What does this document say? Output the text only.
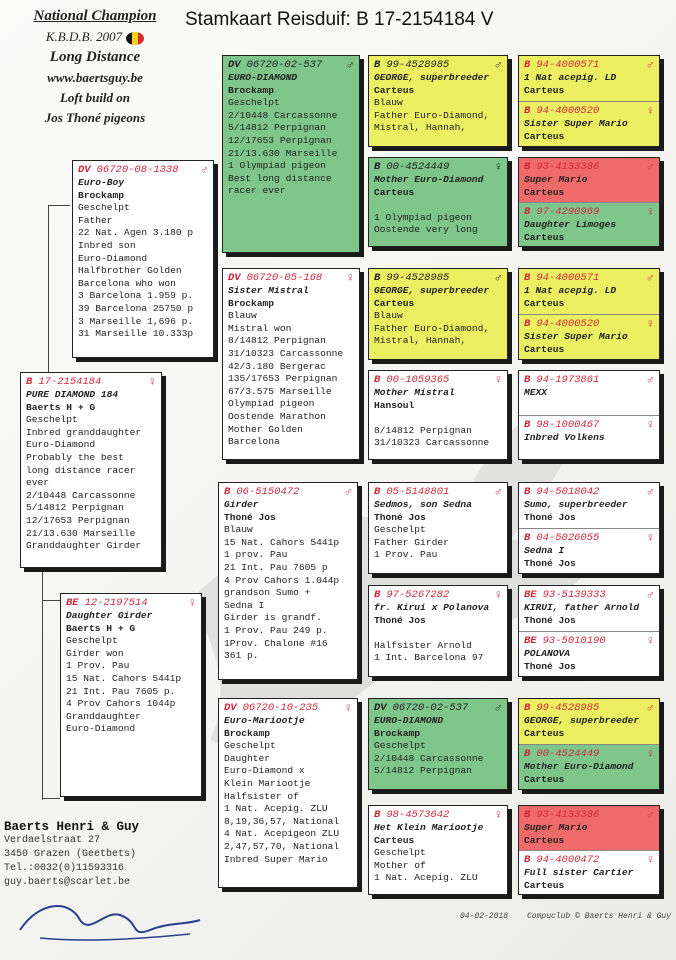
National Champion
K.B.D.B. 2007
Long Distance
www.baertsguy.be
Loft build on
Jos Thoné pigeons
Stamkaart Reisduif: B 17-2154184 V
B 17-2154184	♀
PURE DIAMOND 184
Baerts H + G
Geschelpt
Inbred granddaughter
Euro-Diamond
Probably the best
long distance racer
ever
2/10448 Carcassonne
5/14812 Perpignan
12/17653 Perpignan
21/13.630 Marseille
Granddaughter Girder
DV 06720-08-1338 ♂
Euro-Boy
Brockamp
Geschelpt
Father
22 Nat. Agen 3.180 p
Inbred son
Euro-Diamond
Halfbrother Golden
Barcelona who won
3 Barcelona 1.959 p.
39 Barcelona 25750 p
3 Marseille 1,696 p.
31 Marseille 10.333p
BE 12-2197514	♀
Daughter Girder
Baerts H + G
Geschelpt
Girder won
1 Prov. Pau
15 Nat. Cahors 5441p
21 Int. Pau 7605 p.
4 Prov Cahors 1044p
Granddaughter
Euro-Diamond
DV 06720-02-537 ♂
EURO-DIAMOND
Brockamp
Geschelpt
2/10448 Carcassonne
5/14812 Perpignan
12/17653 Perpignan
21/13.630 Marseille
1 Olympiad pigeon
Best long distance
racer ever
DV 06720-05-168 ♀
Sister Mistral
Brockamp
Blauw
Mistral won
8/14812 Perpignan
31/10323 Carcassonne
42/3.180 Bergerac
135/17653 Perpignan
67/3.575 Marseille
Olympiad pigeon
Oostende Marathon
Mother Golden
Barcelona
B 06-5150472	♂
Girder
Thoné Jos
Blauw
15 Nat. Cahors 5441p
1 prov. Pau
21 Int. Pau 7605 p
4 Prov Cahors 1.044p
grandson Sumo +
Sedna I
Girder is grandf.
1 Prov. Pau 249 p.
1Prov. Chalone #16
361 p.
DV 06720-10-235 ♀
Euro-Mariootje
Brockamp
Geschelpt
Daughter
Euro-Diamond x
Klein Mariootje
Halfsister of
1 Nat. Acepig. ZLU
8,19,36,57, National
4 Nat. Acepigeon ZLU
2,47,57,70, National
Inbred Super Mario
B 99-4528985	♂
GEORGE, superbreeder
Carteus
Blauw
Father Euro-Diamond,
Mistral, Hannah,
B 00-4524449	♀
Mother Euro-Diamond
Carteus

1 Olympiad pigeon
Oostende very long
B 99-4528985	♂
GEORGE, superbreeder
Carteus
Blauw
Father Euro-Diamond,
Mistral, Hannah,
B 00-1059365	♀
Mother Mistral
Hansoul

8/14812 Perpignan
31/10323 Carcassonne
B 05-5148801	♂
Sedmos, son Sedna
Thoné Jos
Geschelpt
Father Girder
1 Prov. Pau
B 97-5267282	♀
fr. Kirui x Polanova
Thoné Jos

Halfsister Arnold
1 Int. Barcelona 97
DV 06720-02-537 ♂
EURO-DIAMOND
Brockamp
Geschelpt
2/10448 Carcassonne
5/14812 Perpignan
B 98-4573642	♀
Het Klein Mariootje
Carteus
Geschelpt
Mother of
1 Nat. Acepig. ZLU
B 94-4000571	♂
1 Nat acepig. LD
Carteus
B 94-4000520	♀
Sister Super Mario
Carteus
B 93-4133386	♂
Super Mario
Carteus
B 97-4290969	♀
Daughter Limoges
Carteus
B 94-4000571	♂
1 Nat acepig. LD
Carteus
B 94-4000520	♀
Sister Super Mario
Carteus
B 94-1973861	♂
MEXX

B 98-1000467	♀
Inbred Volkens

B 94-5018042	♂
Sumo, superbreeder
Thoné Jos
B 04-5026055	♀
Sedna I
Thoné Jos
BE 93-5139333	♂
KIRUI, father Arnold
Thoné Jos
BE 93-5010190	♀
POLANOVA
Thoné Jos
B 99-4528985	♂
GEORGE, superbreeder
Carteus
B 00-4524449	♀
Mother Euro-Diamond
Carteus
B 93-4133386	♂
Super Mario
Carteus
B 94-4000472	♀
Full sister Cartier
Carteus
Baerts Henri & Guy
Verdaelstraat 27
3450 Grazen (Geetbets)
Tel.:0032(0)11593316
guy.baerts@scarlet.be
04-02-2018 Compuclub © Baerts Henri & Guy
